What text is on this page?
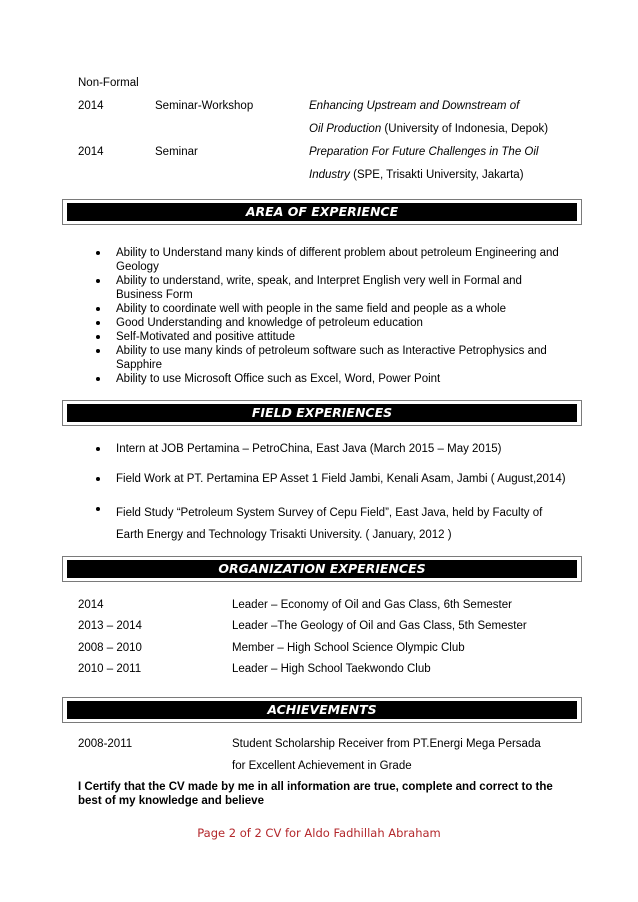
Non-Formal
2014	Seminar-Workshop	Enhancing Upstream and Downstream of
Oil Production (University of Indonesia, Depok)
2014	Seminar	Preparation For Future Challenges in The Oil
Industry (SPE, Trisakti University, Jakarta)
AREA OF EXPERIENCE
Ability to Understand many kinds of different problem about petroleum Engineering and
Geology
Ability to understand, write, speak, and Interpret English very well in Formal and
Business Form
Ability to coordinate well with people in the same field and people as a whole
Good Understanding and knowledge of petroleum education
Self-Motivated and positive attitude
Ability to use many kinds of petroleum software such as Interactive Petrophysics and
Sapphire
Ability to use Microsoft Office such as Excel, Word, Power Point
FIELD EXPERIENCES
Intern at JOB Pertamina – PetroChina, East Java (March 2015 – May 2015)
Field Work at PT. Pertamina EP Asset 1 Field Jambi, Kenali Asam, Jambi ( August,2014)
Field Study “Petroleum System Survey of Cepu Field”, East Java, held by Faculty of
Earth Energy and Technology Trisakti University. ( January, 2012 )
ORGANIZATION EXPERIENCES
2014	Leader – Economy of Oil and Gas Class, 6th Semester
2013 – 2014	Leader –The Geology of Oil and Gas Class, 5th Semester
2008 – 2010	Member – High School Science Olympic Club
2010 – 2011	Leader – High School Taekwondo Club
ACHIEVEMENTS
2008-2011	Student Scholarship Receiver from PT.Energi Mega Persada
for Excellent Achievement in Grade
I Certify that the CV made by me in all information are true, complete and correct to the
best of my knowledge and believe
Page 2 of 2 CV for Aldo Fadhillah Abraham
